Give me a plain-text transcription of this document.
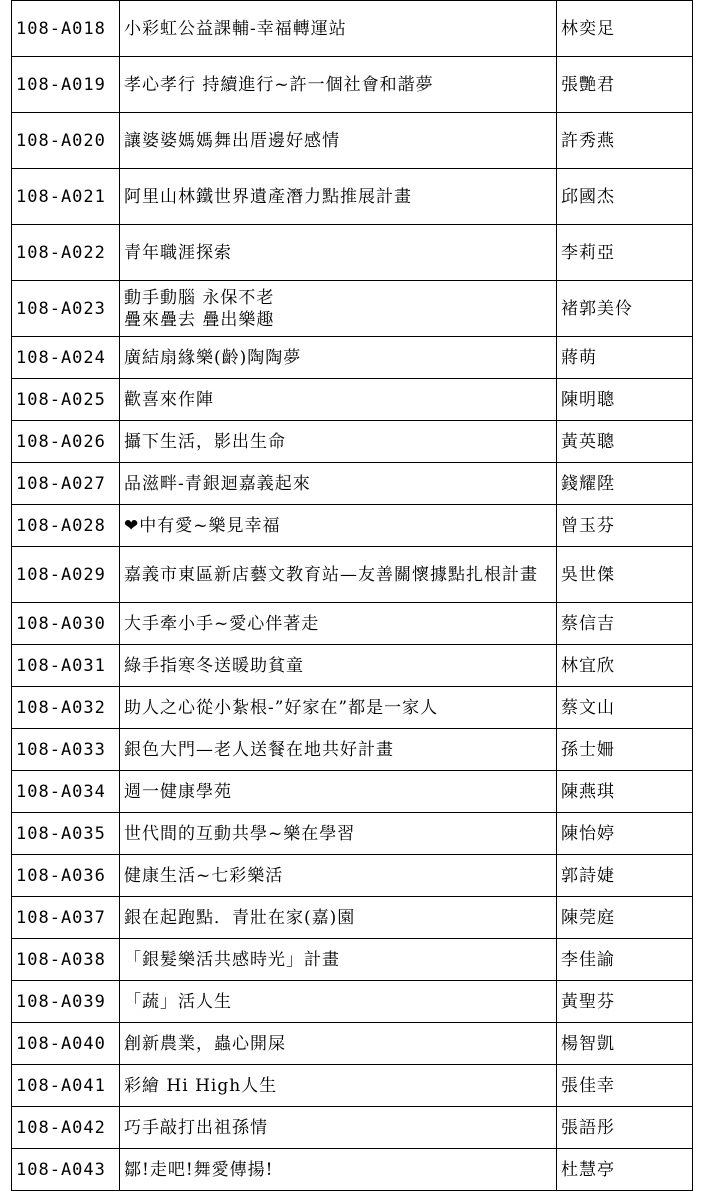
108-A018	小彩虹公益課輔-幸福轉運站	林奕足
108-A019	孝心孝行 持續進行~許一個社會和諧夢	張艷君
108-A020	讓婆婆媽媽舞出厝邊好感情	許秀燕
108-A021	阿里山林鐵世界遺產潛力點推展計畫	邱國杰
108-A022	青年職涯探索	李莉亞
108-A023	動手動腦 永保不老
疊來疊去 疊出樂趣	褚郭美伶
108-A024	廣結扇緣樂(齡)陶陶夢	蔣萌
108-A025	歡喜來作陣	陳明聰
108-A026	攝下生活，影出生命	黃英聰
108-A027	品滋畔-青銀迴嘉義起來	錢耀陞
108-A028	❤中有愛~樂見幸福	曾玉芬
108-A029	嘉義市東區新店藝文教育站—友善關懷據點扎根計畫	吳世傑
108-A030	大手牽小手~愛心伴著走	蔡信吉
108-A031	綠手指寒冬送暖助貧童	林宜欣
108-A032	助人之心從小紮根-”好家在”都是一家人	蔡文山
108-A033	銀色大門—老人送餐在地共好計畫	孫士姍
108-A034	週一健康學苑	陳燕琪
108-A035	世代間的互動共學~樂在學習	陳怡婷
108-A036	健康生活~七彩樂活	郭詩婕
108-A037	銀在起跑點．青壯在家(嘉)園	陳莞庭
108-A038	「銀髮樂活共感時光」計畫	李佳諭
108-A039	「蔬」活人生	黃聖芬
108-A040	創新農業，蟲心開屎	楊智凱
108-A041	彩繪 Hi High人生	張佳幸
108-A042	巧手敲打出祖孫情	張語彤
108-A043	鄒!走吧!舞愛傳揚!	杜慧亭
